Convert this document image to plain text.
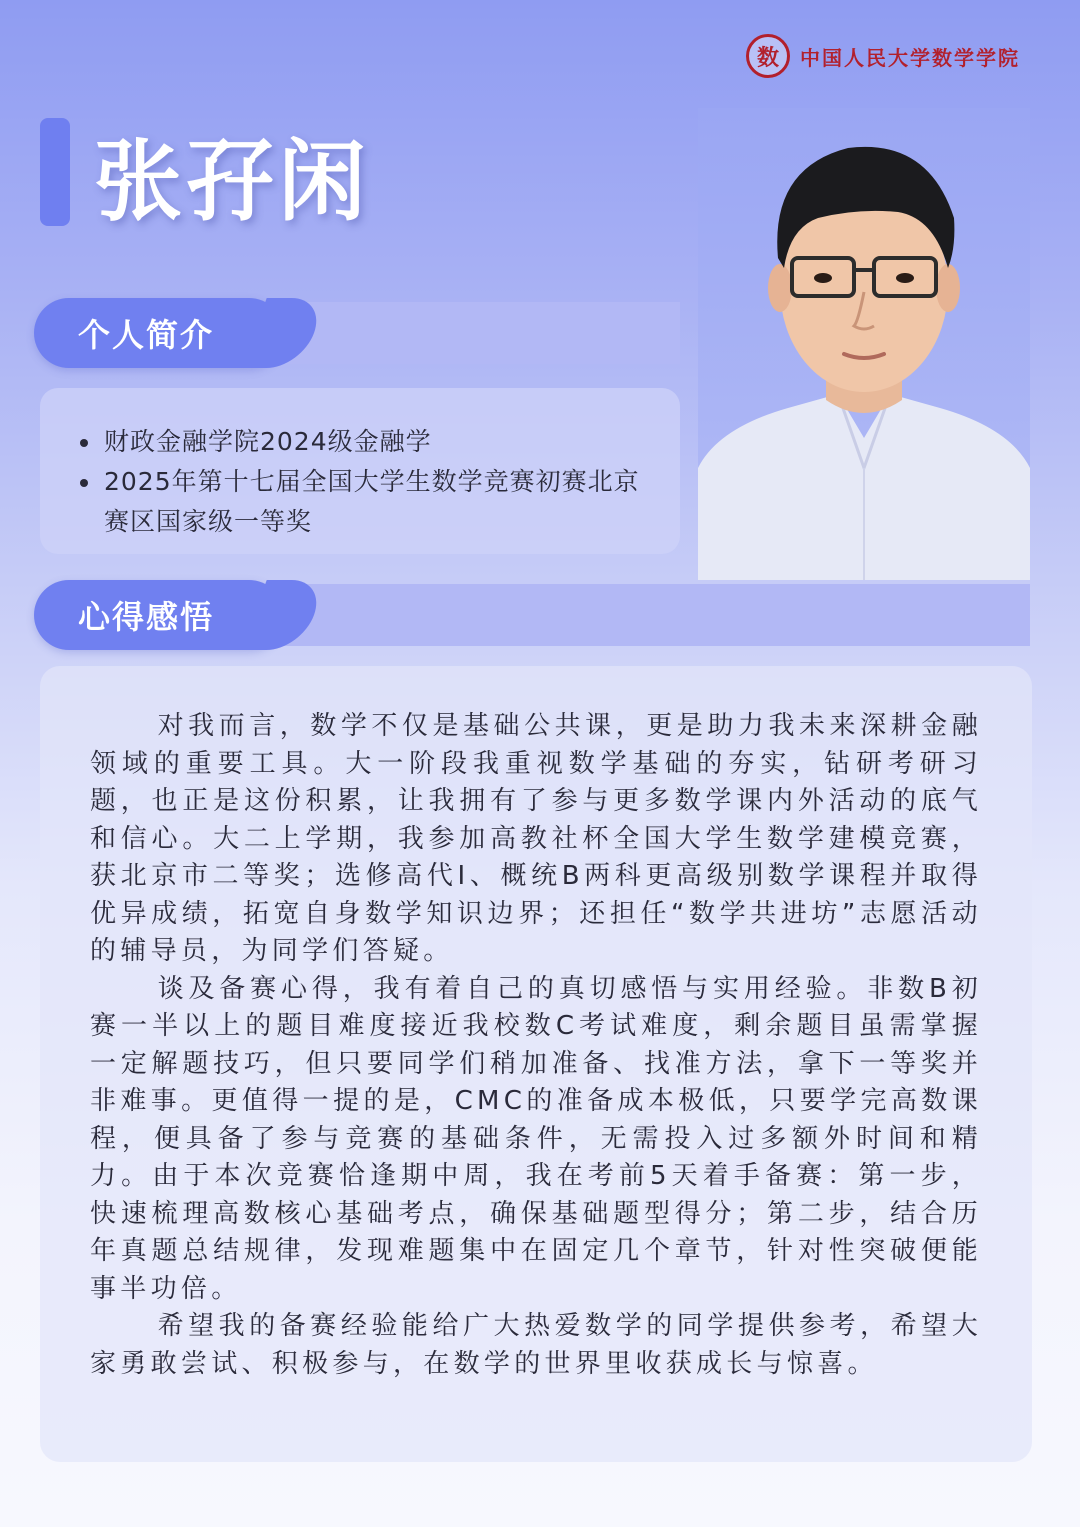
数	中国人民大学数学学院
张孖闲
个人简介
财政金融学院2024级金融学
2025年第十七届全国大学生数学竞赛初赛北京赛区国家级一等奖
心得感悟

对我而言，数学不仅是基础公共课，更是助力我未来深耕金融领域的重要工具。大一阶段我重视数学基础的夯实，钻研考研习题，也正是这份积累，让我拥有了参与更多数学课内外活动的底气和信心。大二上学期，我参加高教社杯全国大学生数学建模竞赛，获北京市二等奖；选修高代I、概统B两科更高级别数学课程并取得优异成绩，拓宽自身数学知识边界；还担任“数学共进坊”志愿活动的辅导员，为同学们答疑。

谈及备赛心得，我有着自己的真切感悟与实用经验。非数B初赛一半以上的题目难度接近我校数C考试难度，剩余题目虽需掌握一定解题技巧，但只要同学们稍加准备、找准方法，拿下一等奖并非难事。更值得一提的是，CMC的准备成本极低，只要学完高数课程，便具备了参与竞赛的基础条件，无需投入过多额外时间和精力。由于本次竞赛恰逢期中周，我在考前5天着手备赛：第一步，快速梳理高数核心基础考点，确保基础题型得分；第二步，结合历年真题总结规律，发现难题集中在固定几个章节，针对性突破便能事半功倍。

希望我的备赛经验能给广大热爱数学的同学提供参考，希望大家勇敢尝试、积极参与，在数学的世界里收获成长与惊喜。
